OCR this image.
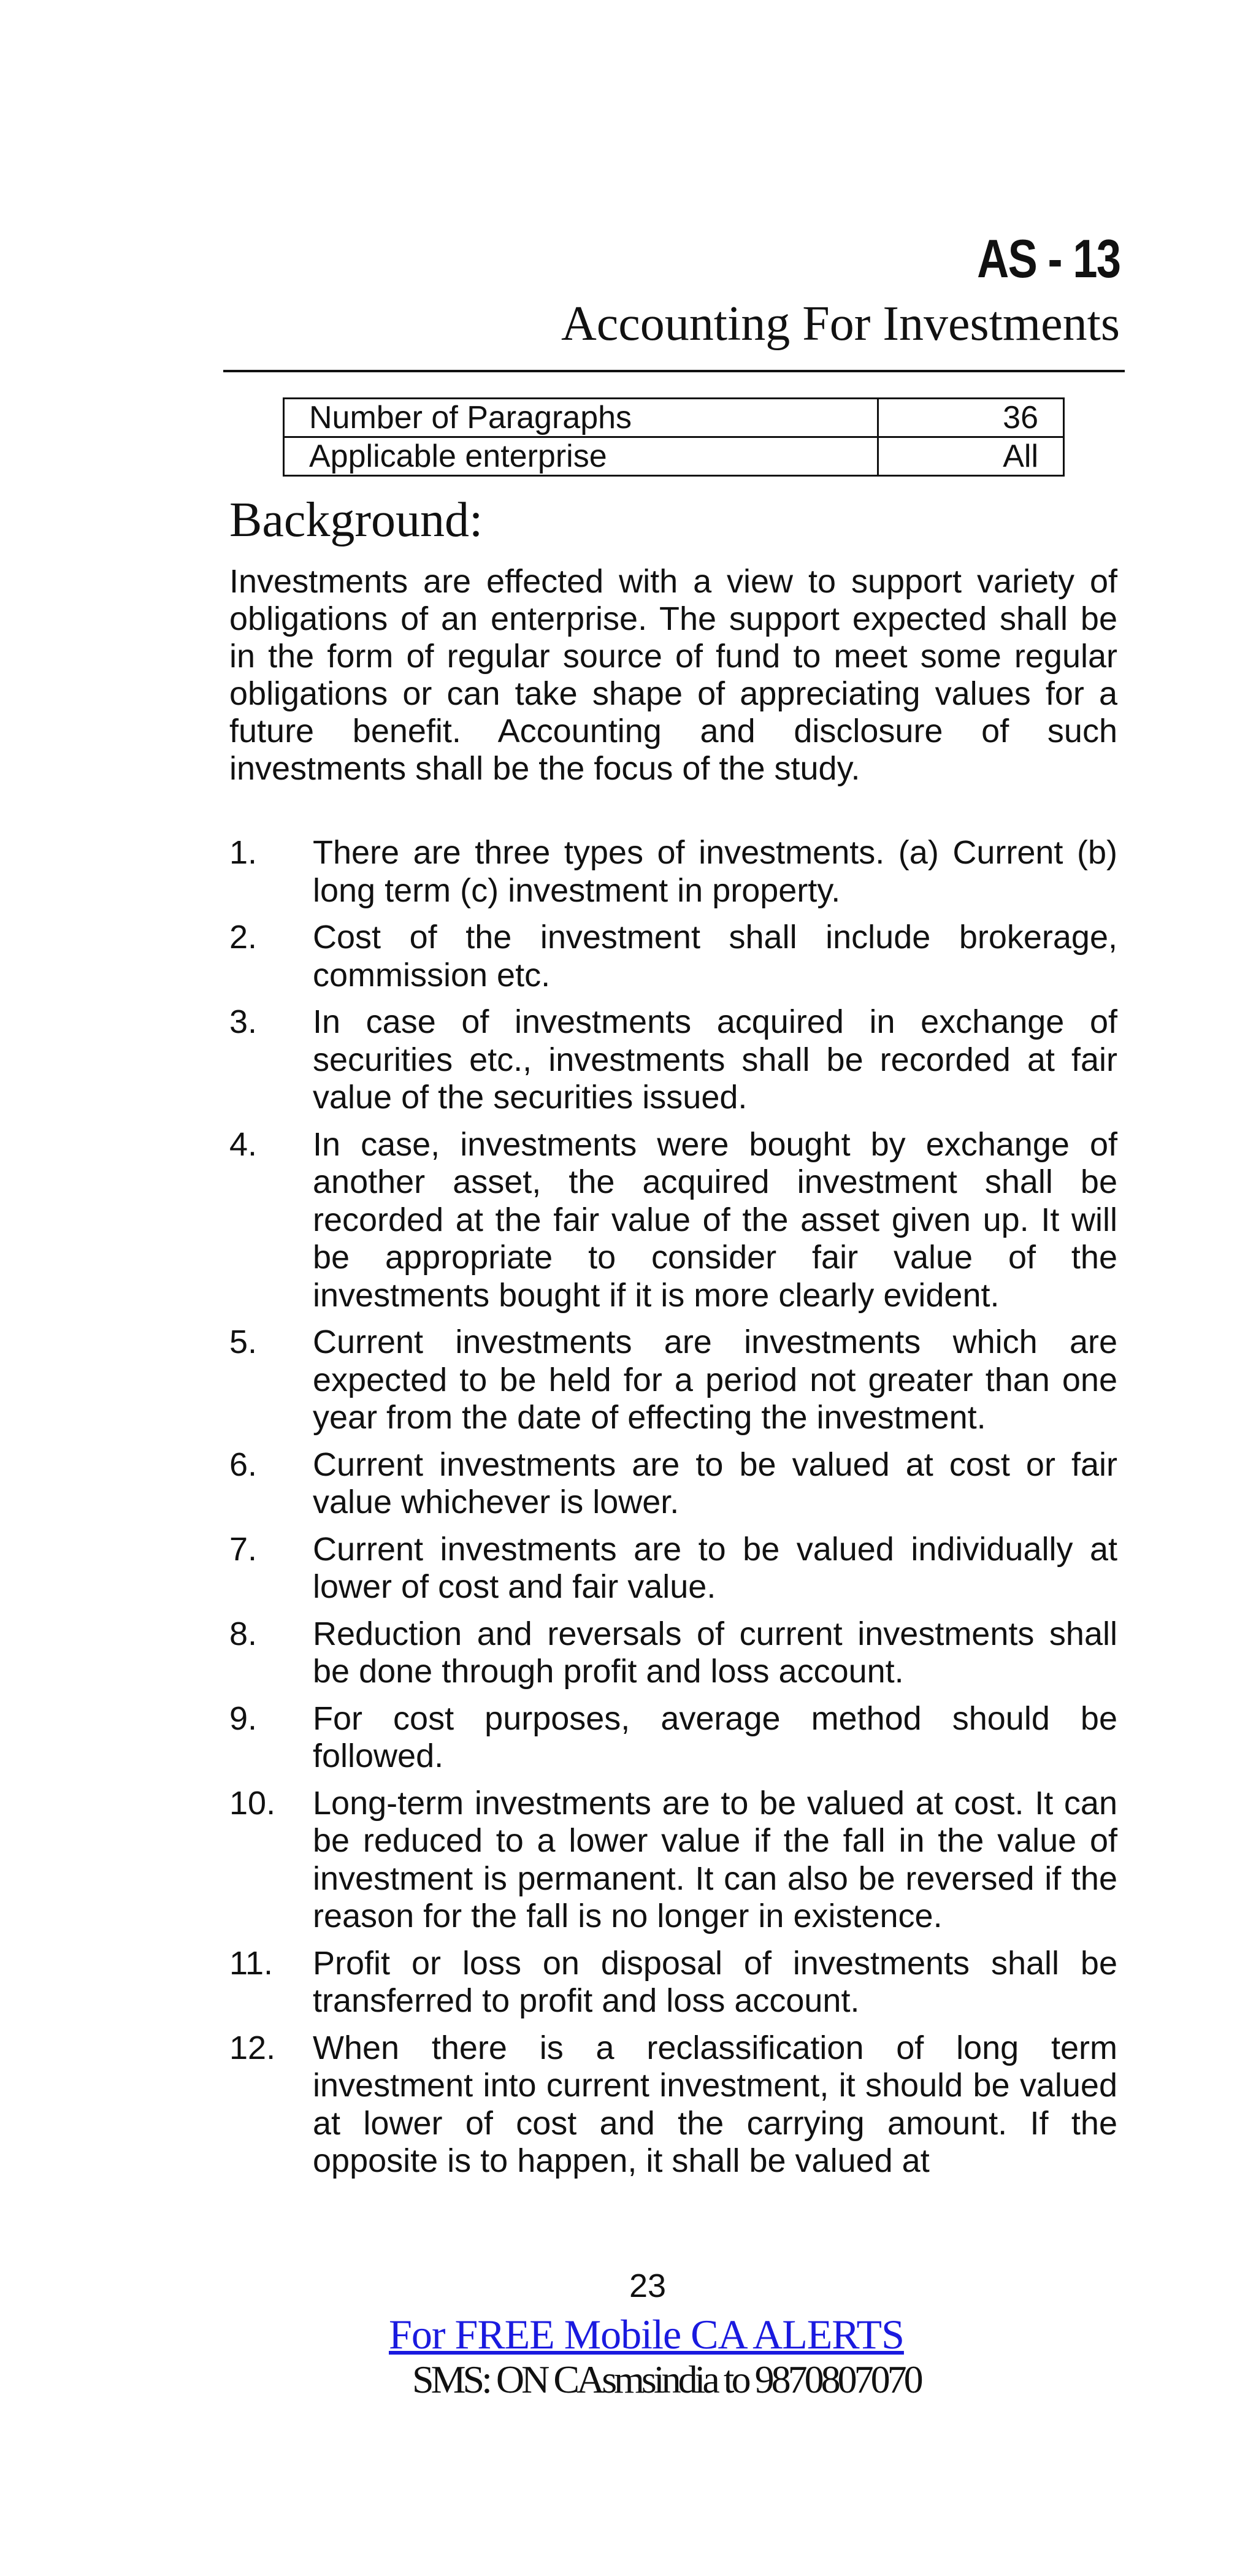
AS - 13
Accounting For Investments
Number of Paragraphs	36
Applicable enterprise	All
Background:

Investments are effected with a view to support variety of obligations of an enterprise. The support expected shall be in the form of regular source of fund to meet some regular obligations or can take shape of appreciating values for a future benefit. Accounting and disclosure of such investments shall be the focus of the study.

1.	There are three types of investments. (a) Current (b) long term (c) investment in property.
2.	Cost of the investment shall include brokerage, commission etc.
3.	In case of investments acquired in exchange of securities etc., investments shall be recorded at fair value of the securities issued.
4.	In case, investments were bought by exchange of another asset, the acquired investment shall be recorded at the fair value of the asset given up. It will be appropriate to consider fair value of the investments bought if it is more clearly evident.
5.	Current investments are investments which are expected to be held for a period not greater than one year from the date of effecting the investment.
6.	Current investments are to be valued at cost or fair value whichever is lower.
7.	Current investments are to be valued individually at lower of cost and fair value.
8.	Reduction and reversals of current investments shall be done through profit and loss account.
9.	For cost purposes, average method should be followed.
10.	Long-term investments are to be valued at cost. It can be reduced to a lower value if the fall in the value of investment is permanent. It can also be reversed if the reason for the fall is no longer in existence.
11.	Profit or loss on disposal of investments shall be transferred to profit and loss account.
12.	When there is a reclassification of long term investment into current investment, it should be valued at lower of cost and the carrying amount. If the opposite is to happen, it shall be valued at
23
For FREE Mobile CA ALERTS
SMS: ON CAsmsindia to 9870807070
